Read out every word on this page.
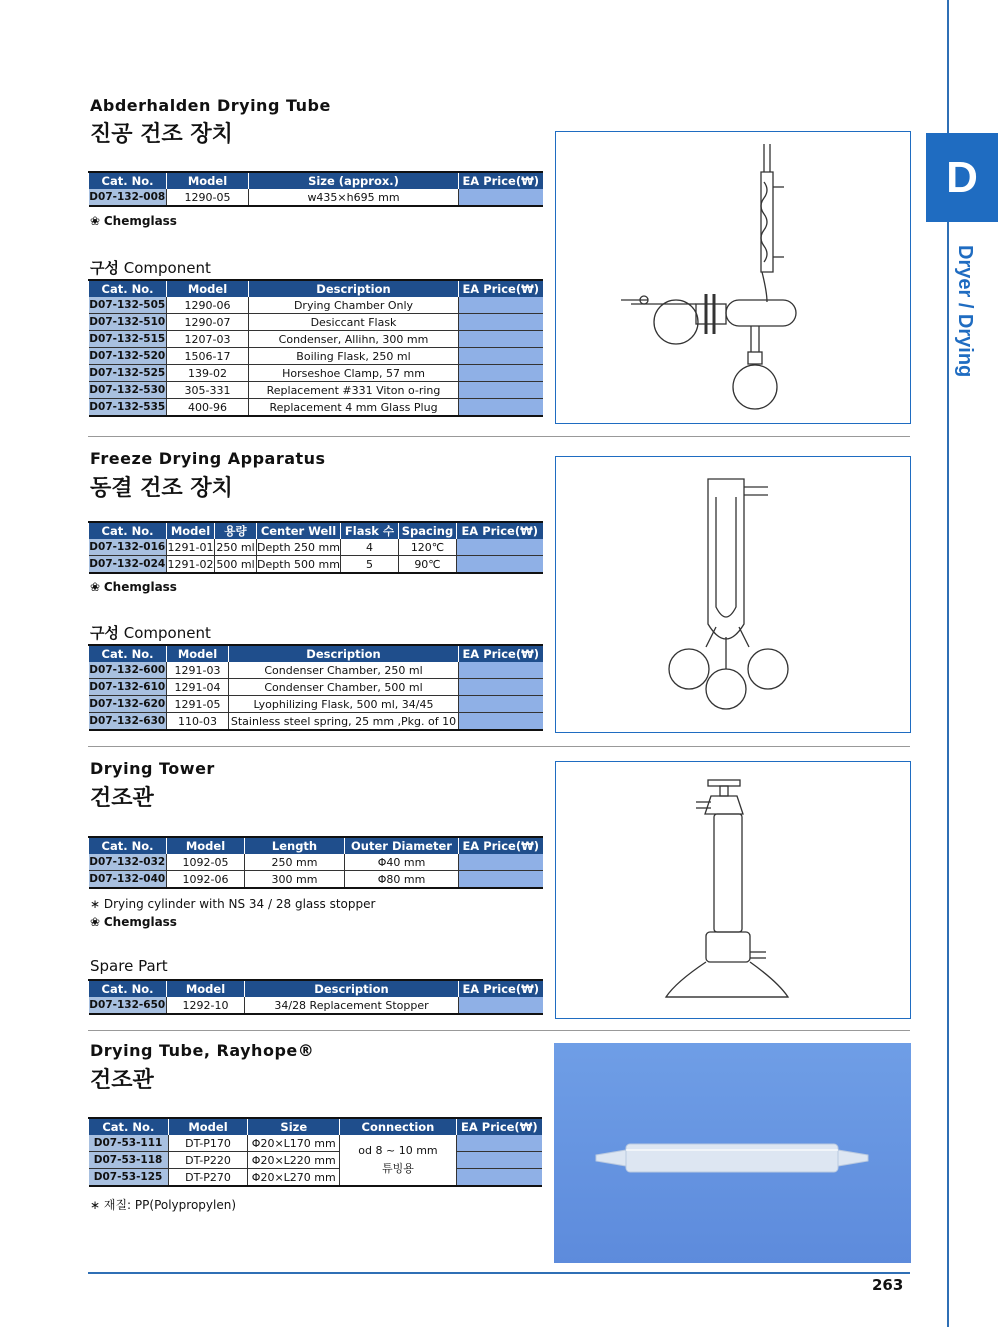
D
Dryer / Drying
Abderhalden Drying Tube
진공 건조 장치
Cat. No.	Model	Size (approx.)	EA Price(₩)
D07-132-008	1290-05	w435×h695 mm	
❀ Chemglass
구성 Component
Cat. No.	Model	Description	EA Price(₩)
D07-132-505	1290-06	Drying Chamber Only	
D07-132-510	1290-07	Desiccant Flask	
D07-132-515	1207-03	Condenser, Allihn, 300 mm	
D07-132-520	1506-17	Boiling Flask, 250 ml	
D07-132-525	139-02	Horseshoe Clamp, 57 mm	
D07-132-530	305-331	Replacement #331 Viton o-ring	
D07-132-535	400-96	Replacement 4 mm Glass Plug	
Freeze Drying Apparatus
동결 건조 장치
Cat. No.	Model	용량	Center Well	Flask 수	Spacing	EA Price(₩)
D07-132-016	1291-01	250 ml	Depth 250 mm	4	120℃	
D07-132-024	1291-02	500 ml	Depth 500 mm	5	90℃	
❀ Chemglass
구성 Component
Cat. No.	Model	Description	EA Price(₩)
D07-132-600	1291-03	Condenser Chamber, 250 ml	
D07-132-610	1291-04	Condenser Chamber, 500 ml	
D07-132-620	1291-05	Lyophilizing Flask, 500 ml, 34/45	
D07-132-630	110-03	Stainless steel spring, 25 mm ,Pkg. of 10	
Drying Tower
건조관
Cat. No.	Model	Length	Outer Diameter	EA Price(₩)
D07-132-032	1092-05	250 mm	Φ40 mm	
D07-132-040	1092-06	300 mm	Φ80 mm	
∗ Drying cylinder with NS 34 / 28 glass stopper
❀ Chemglass
Spare Part
Cat. No.	Model	Description	EA Price(₩)
D07-132-650	1292-10	34/28 Replacement Stopper	
Drying Tube, Rayhope®
건조관
Cat. No.	Model	Size	Connection	EA Price(₩)
D07-53-111	DT-P170	Φ20×L170 mm	od 8 ~ 10 mm
튜빙용	
D07-53-118	DT-P220	Φ20×L220 mm		
D07-53-125	DT-P270	Φ20×L270 mm		
∗ 재질: PP(Polypropylen)
263
